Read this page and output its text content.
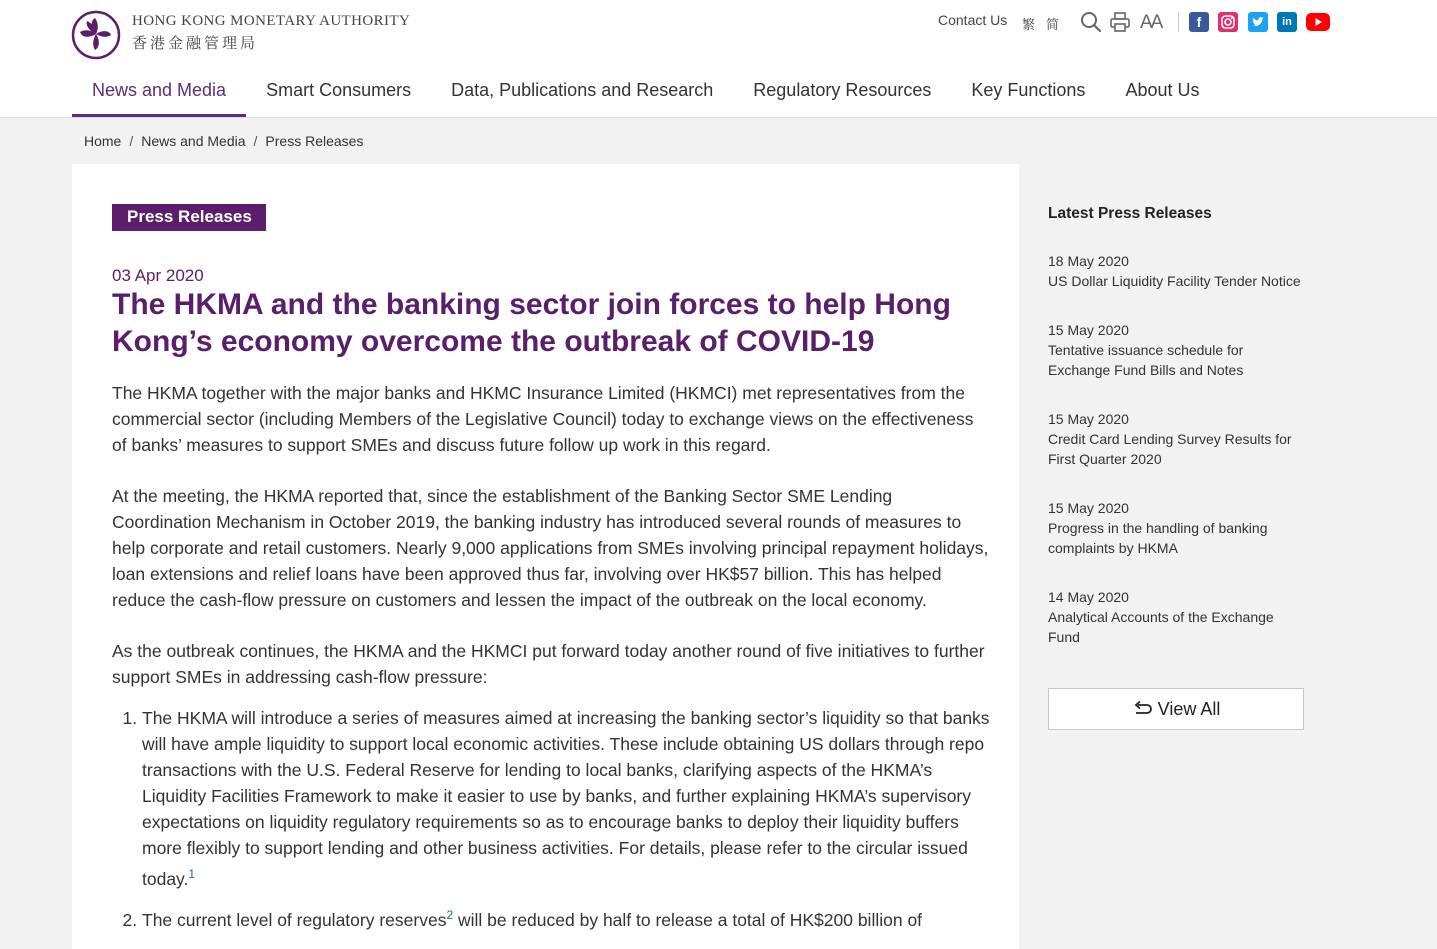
HONG KONG MONETARY AUTHORITY
香港金融管理局
Contact Us 繁 简	AA	f	in
News and Media	Smart Consumers	Data, Publications and Research	Regulatory Resources	Key Functions	About Us
Home / News and Media / Press Releases
Press Releases
03 Apr 2020
The HKMA and the banking sector join forces to help Hong Kong’s economy overcome the outbreak of COVID-19

The HKMA together with the major banks and HKMC Insurance Limited (HKMCI) met representatives from the commercial sector (including Members of the Legislative Council) today to exchange views on the effectiveness of banks’ measures to support SMEs and discuss future follow up work in this regard.

At the meeting, the HKMA reported that, since the establishment of the Banking Sector SME Lending Coordination Mechanism in October 2019, the banking industry has introduced several rounds of measures to help corporate and retail customers. Nearly 9,000 applications from SMEs involving principal repayment holidays, loan extensions and relief loans have been approved thus far, involving over HK$57 billion. This has helped reduce the cash-flow pressure on customers and lessen the impact of the outbreak on the local economy.

As the outbreak continues, the HKMA and the HKMCI put forward today another round of five initiatives to further support SMEs in addressing cash-flow pressure:

1. The HKMA will introduce a series of measures aimed at increasing the banking sector’s liquidity so that banks will have ample liquidity to support local economic activities. These include obtaining US dollars through repo transactions with the U.S. Federal Reserve for lending to local banks, clarifying aspects of the HKMA’s Liquidity Facilities Framework to make it easier to use by banks, and further explaining HKMA’s supervisory expectations on liquidity regulatory requirements so as to encourage banks to deploy their liquidity buffers more flexibly to support lending and other business activities. For details, please refer to the circular issued today.$^1$
2. The current level of regulatory reserves$^2$ will be reduced by half to release a total of HK$200 billion of
Latest Press Releases
18 May 2020
US Dollar Liquidity Facility Tender Notice
15 May 2020
Tentative issuance schedule for Exchange Fund Bills and Notes
15 May 2020
Credit Card Lending Survey Results for First Quarter 2020
15 May 2020
Progress in the handling of banking complaints by HKMA
14 May 2020
Analytical Accounts of the Exchange Fund
View All
